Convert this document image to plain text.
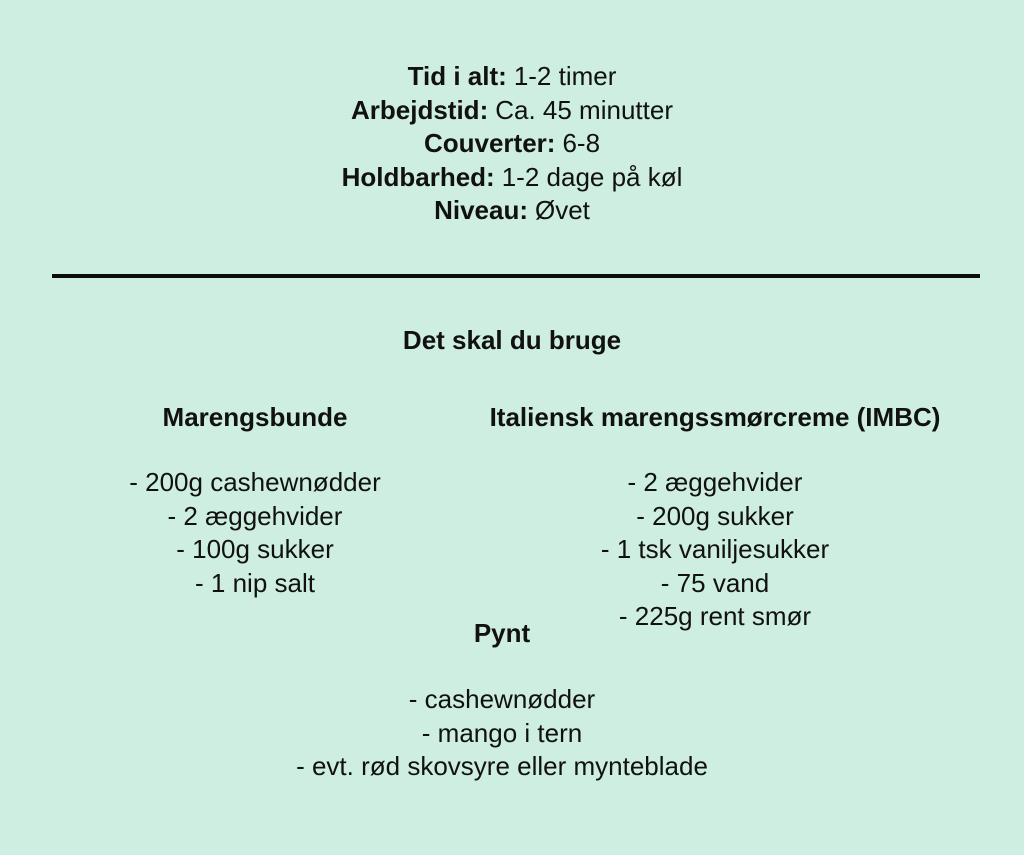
Tid i alt: 1-2 timer
Arbejdstid: Ca. 45 minutter
Couverter: 6-8
Holdbarhed: 1-2 dage på køl
Niveau: Øvet
Det skal du bruge
Marengsbunde
- 200g cashewnødder
- 2 æggehvider
- 100g sukker
- 1 nip salt
Italiensk marengssmørcreme (IMBC)
- 2 æggehvider
- 200g sukker
- 1 tsk vaniljesukker
- 75 vand
- 225g rent smør
Pynt
- cashewnødder
- mango i tern
- evt. rød skovsyre eller mynteblade
